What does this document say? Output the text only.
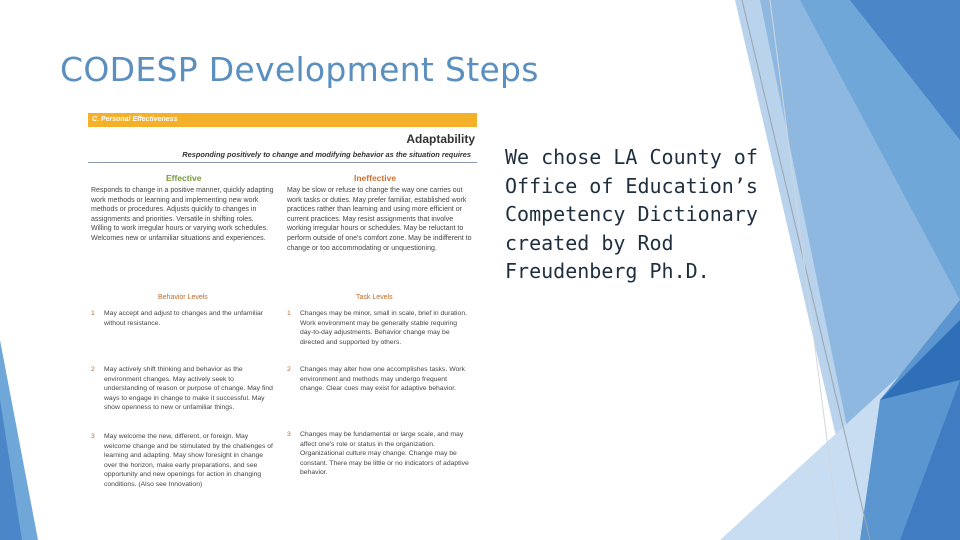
CODESP Development Steps
We chose LA County of
Office of Education’s
Competency Dictionary
created by Rod
Freudenberg Ph.D.
C. Personal Effectiveness
Adaptability
Responding positively to change and modifying behavior as the situation requires
Effective	Ineffective
Responds to change in a positive manner, quickly adapting work methods or learning and implementing new work methods or procedures. Adjusts quickly to changes in assignments and priorities. Versatile in shifting roles. Willing to work irregular hours or varying work schedules. Welcomes new or unfamiliar situations and experiences.
May be slow or refuse to change the way one carries out work tasks or duties. May prefer familiar, established work practices rather than learning and using more efficient or current practices. May resist assignments that involve working irregular hours or schedules. May be reluctant to perform outside of one's comfort zone. May be indifferent to change or too accommodating or unquestioning.
Behavior Levels	Task Levels
1 May accept and adjust to changes and the unfamiliar without resistance.
2 May actively shift thinking and behavior as the environment changes. May actively seek to understanding of reason or purpose of change. May find ways to engage in change to make it successful. May show openness to new or unfamiliar things.
3 May welcome the new, different, or foreign. May welcome change and be stimulated by the challenges of learning and adapting. May show foresight in change over the horizon, make early preparations, and see opportunity and new openings for action in changing conditions. (Also see Innovation)
1 Changes may be minor, small in scale, brief in duration. Work environment may be generally stable requiring day-to-day adjustments. Behavior change may be directed and supported by others.
2 Changes may alter how one accomplishes tasks. Work environment and methods may undergo frequent change. Clear cues may exist for adaptive behavior.
3 Changes may be fundamental or large scale, and may affect one's role or status in the organization. Organizational culture may change. Change may be constant. There may be little or no indicators of adaptive behavior.
